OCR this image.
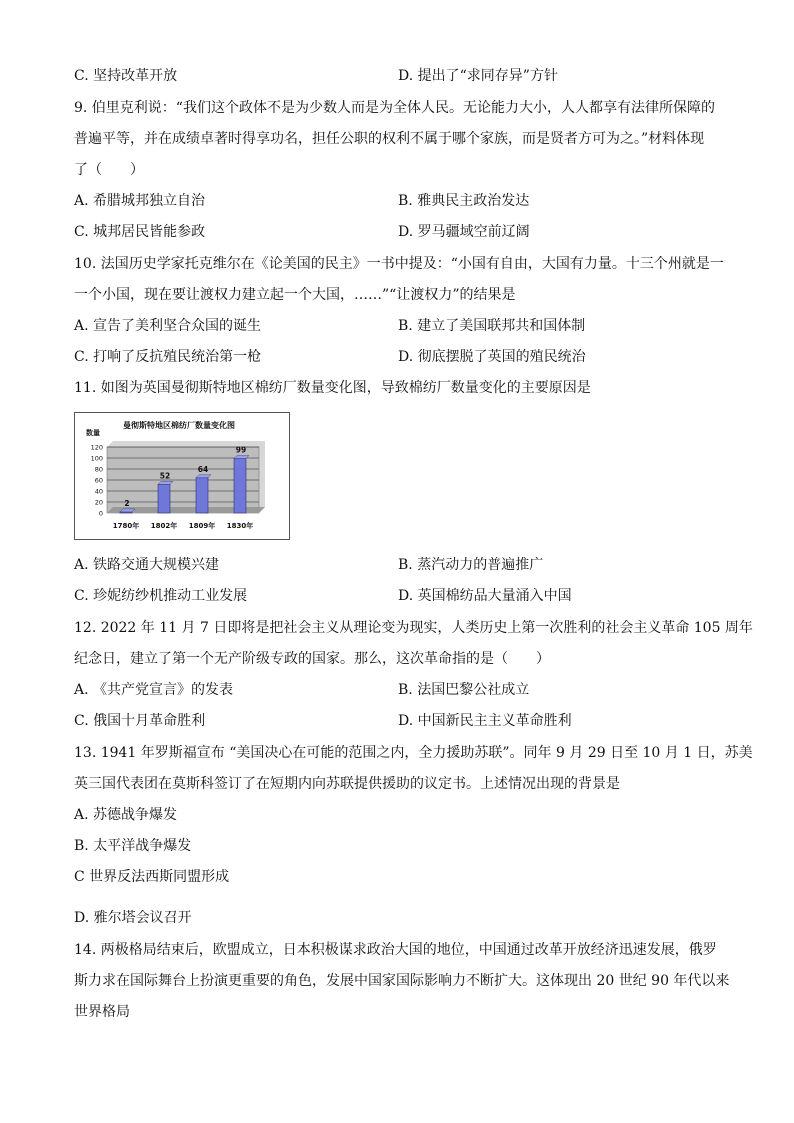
C. 坚持改革开放	D. 提出了“求同存异”方针
9. 伯里克利说：“我们这个政体不是为少数人而是为全体人民。无论能力大小，人人都享有法律所保障的
普遍平等，并在成绩卓著时得享功名，担任公职的权利不属于哪个家族，而是贤者方可为之。”材料体现
了（　　）
A. 希腊城邦独立自治	B. 雅典民主政治发达
C. 城邦居民皆能参政	D. 罗马疆域空前辽阔
10. 法国历史学家托克维尔在《论美国的民主》一书中提及：“小国有自由，大国有力量。十三个州就是一
一个小国，现在要让渡权力建立起一个大国，……”“让渡权力”的结果是
A. 宣告了美利坚合众国的诞生	B. 建立了美国联邦共和国体制
C. 打响了反抗殖民统治第一枪	D. 彻底摆脱了英国的殖民统治
11. 如图为英国曼彻斯特地区棉纺厂数量变化图，导致棉纺厂数量变化的主要原因是
曼彻斯特地区棉纺厂数量变化图
数量
0
20
40
60
80
100
120
2
1780年
52
1802年
64
1809年
99
1830年
A. 铁路交通大规模兴建	B. 蒸汽动力的普遍推广
C. 珍妮纺纱机推动工业发展	D. 英国棉纺品大量涌入中国
12. 2022 年 11 月 7 日即将是把社会主义从理论变为现实，人类历史上第一次胜利的社会主义革命 105 周年
纪念日，建立了第一个无产阶级专政的国家。那么，这次革命指的是（　　）
A. 《共产党宣言》的发表	B. 法国巴黎公社成立
C. 俄国十月革命胜利	D. 中国新民主主义革命胜利
13. 1941 年罗斯福宣布 “美国决心在可能的范围之内，全力援助苏联”。同年 9 月 29 日至 10 月 1 日，苏美
英三国代表团在莫斯科签订了在短期内向苏联提供援助的议定书。上述情况出现的背景是
A. 苏德战争爆发
B. 太平洋战争爆发
C 世界反法西斯同盟形成
D. 雅尔塔会议召开
14. 两极格局结束后，欧盟成立，日本积极谋求政治大国的地位，中国通过改革开放经济迅速发展，俄罗
斯力求在国际舞台上扮演更重要的角色，发展中国家国际影响力不断扩大。这体现出 20 世纪 90 年代以来
世界格局
